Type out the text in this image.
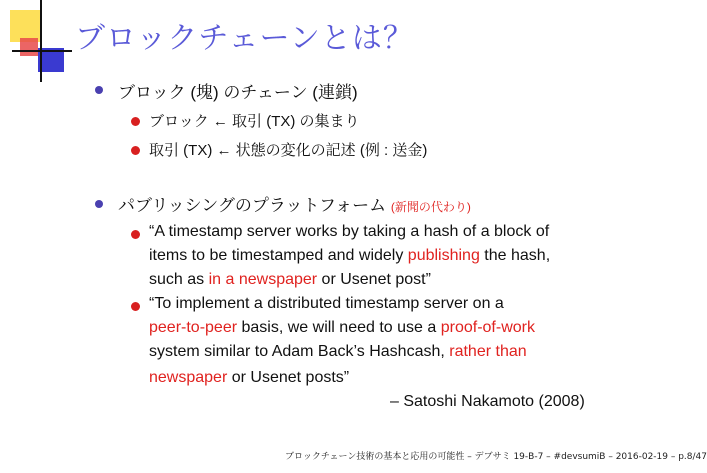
ブロックチェーンとは？
ブロック (塊) のチェーン (連鎖)
ブロック ← 取引 (TX) の集まり
取引 (TX) ← 状態の変化の記述 (例 : 送金)
パブリッシングのプラットフォーム (新聞の代わり)
“A timestamp server works by taking a hash of a block of
items to be timestamped and widely publishing the hash,
such as in a newspaper or Usenet post”
“To implement a distributed timestamp server on a
peer-to-peer basis, we will need to use a proof-of-work
system similar to Adam Back’s Hashcash, rather than
newspaper or Usenet posts”
– Satoshi Nakamoto (2008)
ブロックチェーン技術の基本と応用の可能性 – デブサミ 19-B-7 – #devsumiB – 2016-02-19 – p.8/47
